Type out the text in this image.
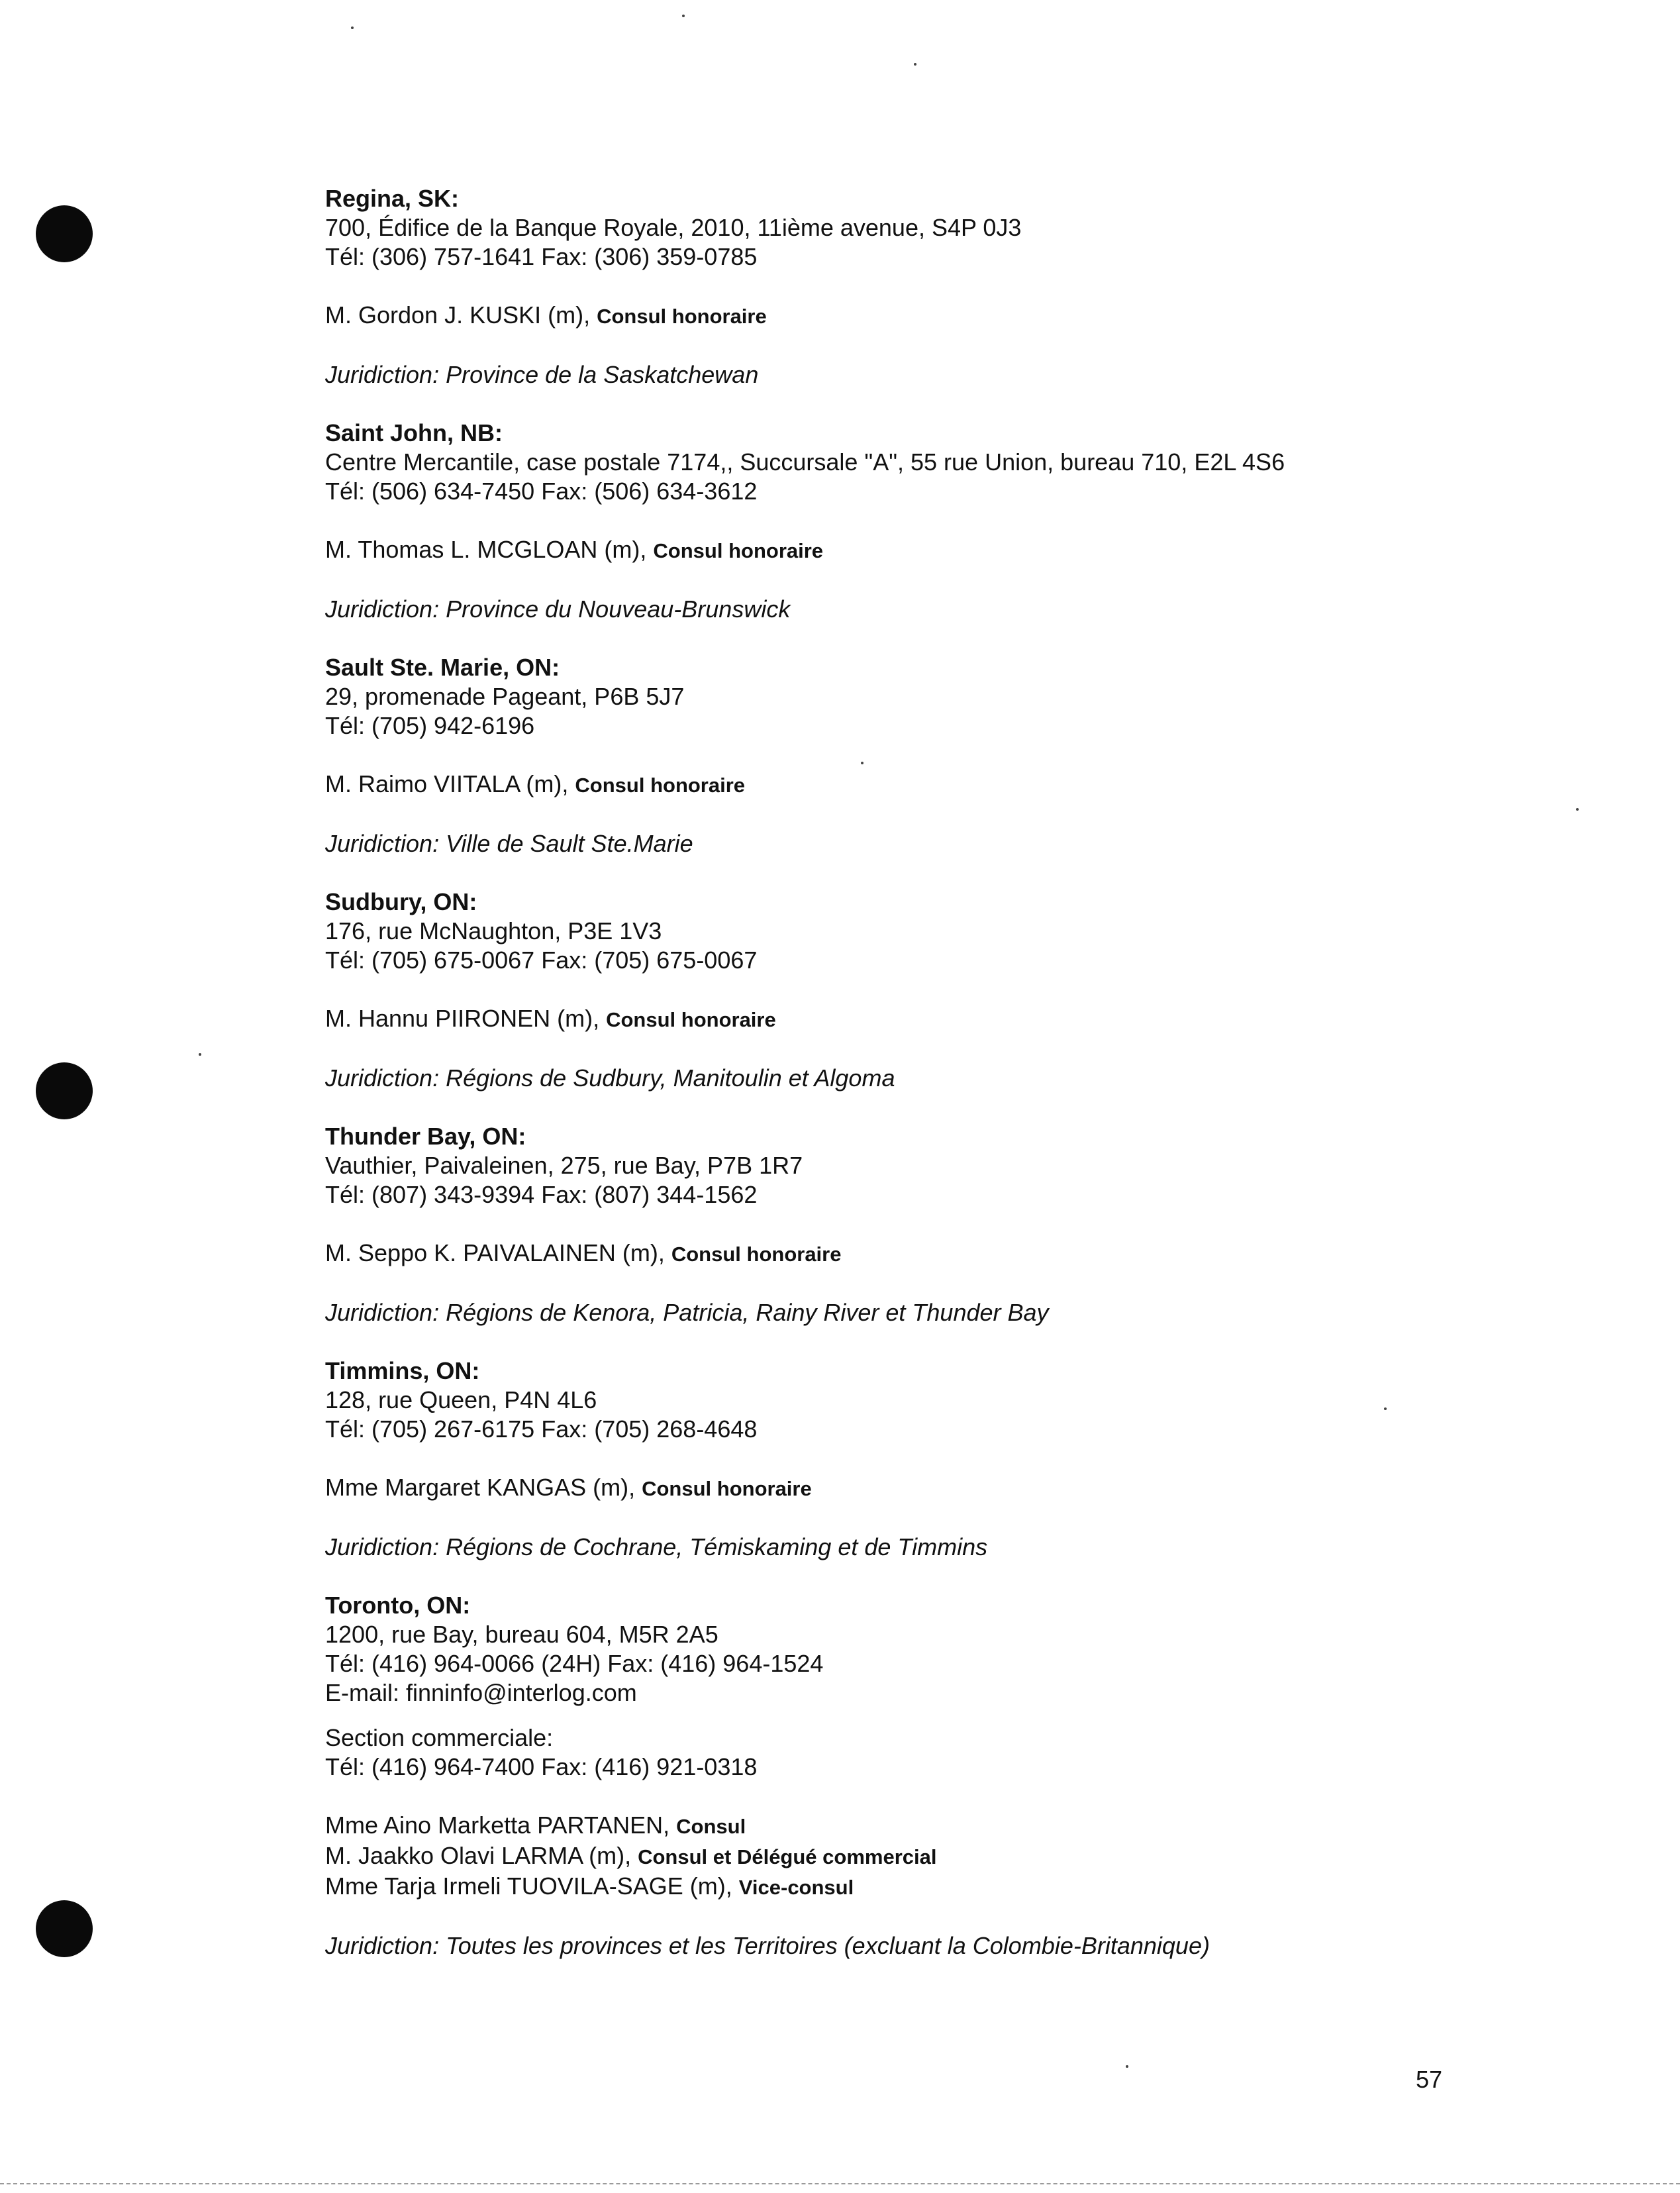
Regina, SK:

700, Édifice de la Banque Royale, 2010, 11ième avenue, S4P 0J3

Tél: (306) 757-1641 Fax: (306) 359-0785

M. Gordon J. KUSKI (m), Consul honoraire

Juridiction: Province de la Saskatchewan

Saint John, NB:

Centre Mercantile, case postale 7174,, Succursale "A", 55 rue Union, bureau 710, E2L 4S6

Tél: (506) 634-7450 Fax: (506) 634-3612

M. Thomas L. MCGLOAN (m), Consul honoraire

Juridiction: Province du Nouveau-Brunswick

Sault Ste. Marie, ON:

29, promenade Pageant, P6B 5J7

Tél: (705) 942-6196

M. Raimo VIITALA (m), Consul honoraire

Juridiction: Ville de Sault Ste.Marie

Sudbury, ON:

176, rue McNaughton, P3E 1V3

Tél: (705) 675-0067 Fax: (705) 675-0067

M. Hannu PIIRONEN (m), Consul honoraire

Juridiction: Régions de Sudbury, Manitoulin et Algoma

Thunder Bay, ON:

Vauthier, Paivaleinen, 275, rue Bay, P7B 1R7

Tél: (807) 343-9394 Fax: (807) 344-1562

M. Seppo K. PAIVALAINEN (m), Consul honoraire

Juridiction: Régions de Kenora, Patricia, Rainy River et Thunder Bay

Timmins, ON:

128, rue Queen, P4N 4L6

Tél: (705) 267-6175 Fax: (705) 268-4648

Mme Margaret KANGAS (m), Consul honoraire

Juridiction: Régions de Cochrane, Témiskaming et de Timmins

Toronto, ON:

1200, rue Bay, bureau 604, M5R 2A5

Tél: (416) 964-0066 (24H) Fax: (416) 964-1524

E-mail: finninfo@interlog.com

Section commerciale:

Tél: (416) 964-7400 Fax: (416) 921-0318

Mme Aino Marketta PARTANEN, Consul

M. Jaakko Olavi LARMA (m), Consul et Délégué commercial

Mme Tarja Irmeli TUOVILA-SAGE (m), Vice-consul

Juridiction: Toutes les provinces et les Territoires (excluant la Colombie-Britannique)

57
